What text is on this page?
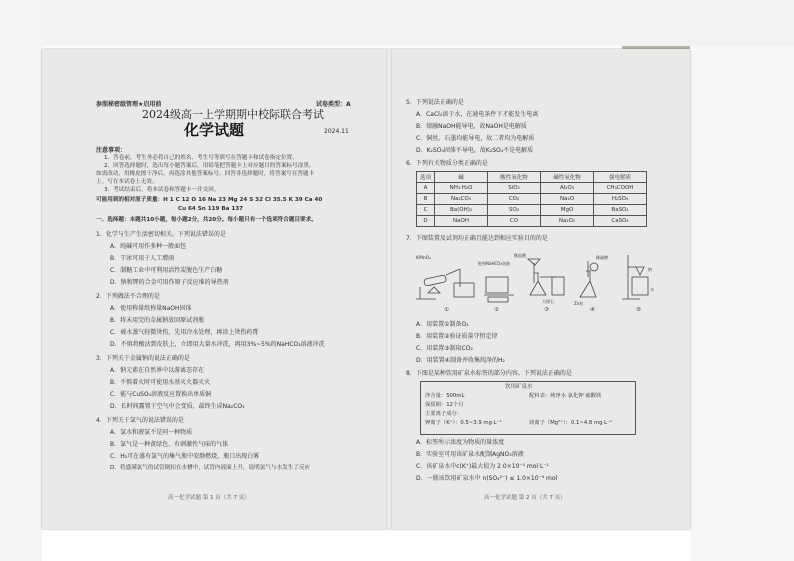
参照秘密级管理★启用前	试卷类型：A
2024级高一上学期期中校际联合考试
化学试题	2024.11
注意事项：
1．答卷前，考生务必将自己的姓名、考生号等填写在答题卡和试卷指定位置。
2．回答选择题时，选出每小题答案后，用铅笔把答题卡上对应题目的答案标号涂黑。
如需改动，用橡皮擦干净后，再选涂其他答案标号。回答非选择题时，将答案写在答题卡
上。写在本试卷上无效。
3．考试结束后，将本试卷和答题卡一并交回。
可能用到的相对原子质量：H 1 C 12 O 16 Na 23 Mg 24 S 32 Cl 35.5 K 39 Ca 40
Cu 64 Sn 119 Ba 137
一、选择题：本题共10小题，每小题2分，共20分。每小题只有一个选项符合题目要求。
1．化学与生产生活密切相关。下列说法错误的是
A．纯碱可用作多种一般面包
B．干冰可用于人工增雨
C．制糖工业中可利用活性炭脱色生产白糖
D．钠和钾的合金可用作原子反应堆的导热剂
2．下列做法不合理的是
A．使用称量纸称量NaOH固体
B．将未用完的金属钠放回原试剂瓶
C．被水蒸气轻微烫伤，先用冷水处理，再涂上烫伤药膏
D．不慎将酸沾到皮肤上，立即用大量水冲洗，再用3%~5%的NaHCO₃溶液冲洗
3．下列关于金属钠的说法正确的是
A．钠元素在自然界中以游离态存在
B．不慎着火时可使用水基灭火器灭火
C．能与CuSO₄溶液反应置换出单质铜
D．长时间露置于空气中会变质，最终生成Na₂CO₃
4．下列关于氯气的说法错误的是
A．氯水和液氯不是同一种物质
B．氯气是一种黄绿色、有刺激性气味的气体
C．H₂可在盛有氯气的集气瓶中安静燃烧，瓶口出现白雾
D．将盛满氯气的试管倒扣在水槽中，试管内液面上升，说明氯气与水发生了反应
高一化学试题 第 1 页（共 7 页）
5．下列说法正确的是
A．CaCl₂溶于水，在通电条件下才能发生电离
B．熔融NaOH能导电，故NaOH是电解质
C．铜丝、石墨均能导电，故二者均为电解质
D．K₂SO₄固体不导电，故K₂SO₄不是电解质
6．下列有关物质分类正确的是
选项	碱	酸性氧化物	碱性氧化物	强电解质
A	NH₃·H₂O	SiO₂	Al₂O₃	CH₃COOH
B	Na₂CO₃	CO₂	Na₂O	H₂SO₄
C	Ba(OH)₂	SO₂	MgO	BaSO₄
D	NaOH	CO	Na₂O₂	CaSO₄
7．下图装置及试剂均正确且能达到相应实验目的的是
KMnO₄
饱和NaHCO₃溶液
稀盐酸
大理石	Zn粒
稀硫酸
钠
水
①	②	③	④	⑤
A．用装置①制备O₂
B．用装置②验证质量守恒定律
C．用装置③制取CO₂
D．用装置④制备并收集纯净的H₂
8．下图是某种饮用矿泉水标签的部分内容。下列说法正确的是
饮用矿泉水
净含量：500mL	配料表：纯净水 氯化钾 硫酸镁
保质期：12个月
主要离子成分：
钾离子（K⁺）：0.5~3.9 mg·L⁻¹	镁离子（Mg²⁺）：0.1~4.8 mg·L⁻¹
A．标签所示浓度为物质的量浓度
B．实验室可用该矿泉水配制AgNO₃溶液
C．该矿泉水中c(K⁺)最大值为 2.0×10⁻⁵ mol·L⁻¹
D．一瓶该饮用矿泉水中 n(SO₄²⁻) ≤ 1.0×10⁻⁴ mol
高一化学试题 第 2 页（共 7 页）
